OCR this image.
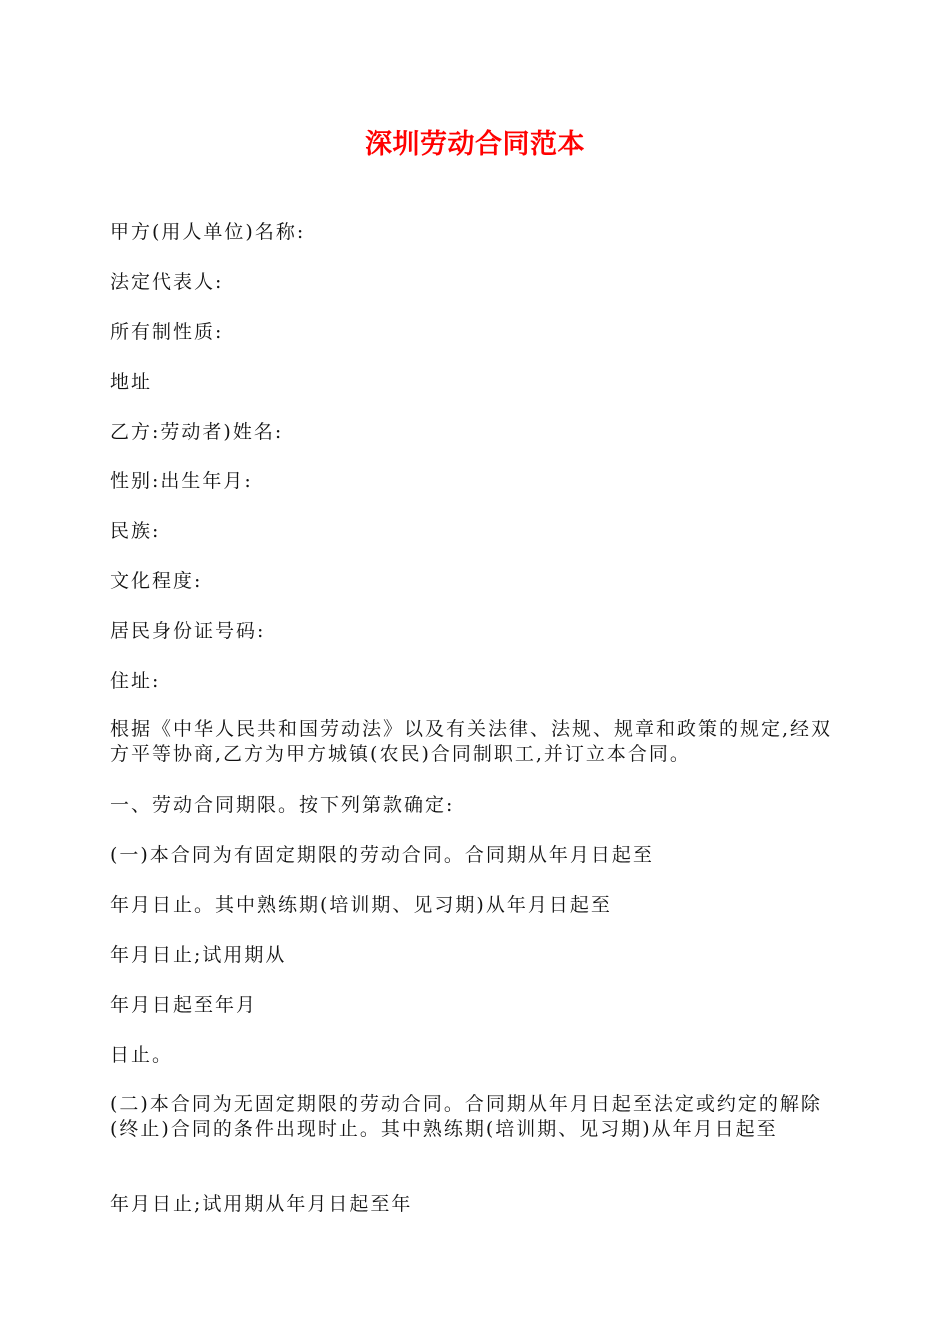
深圳劳动合同范本
甲方(用人单位)名称:
法定代表人:
所有制性质:
地址
乙方:劳动者)姓名:
性别:出生年月:
民族:
文化程度:
居民身份证号码:
住址:
根据《中华人民共和国劳动法》以及有关法律、法规、规章和政策的规定,经双方平等协商,乙方为甲方城镇(农民)合同制职工,并订立本合同。
一、劳动合同期限。按下列第款确定:
(一)本合同为有固定期限的劳动合同。合同期从年月日起至
年月日止。其中熟练期(培训期、见习期)从年月日起至
年月日止;试用期从
年月日起至年月
日止。
(二)本合同为无固定期限的劳动合同。合同期从年月日起至法定或约定的解除(终止)合同的条件出现时止。其中熟练期(培训期、见习期)从年月日起至
年月日止;试用期从年月日起至年
